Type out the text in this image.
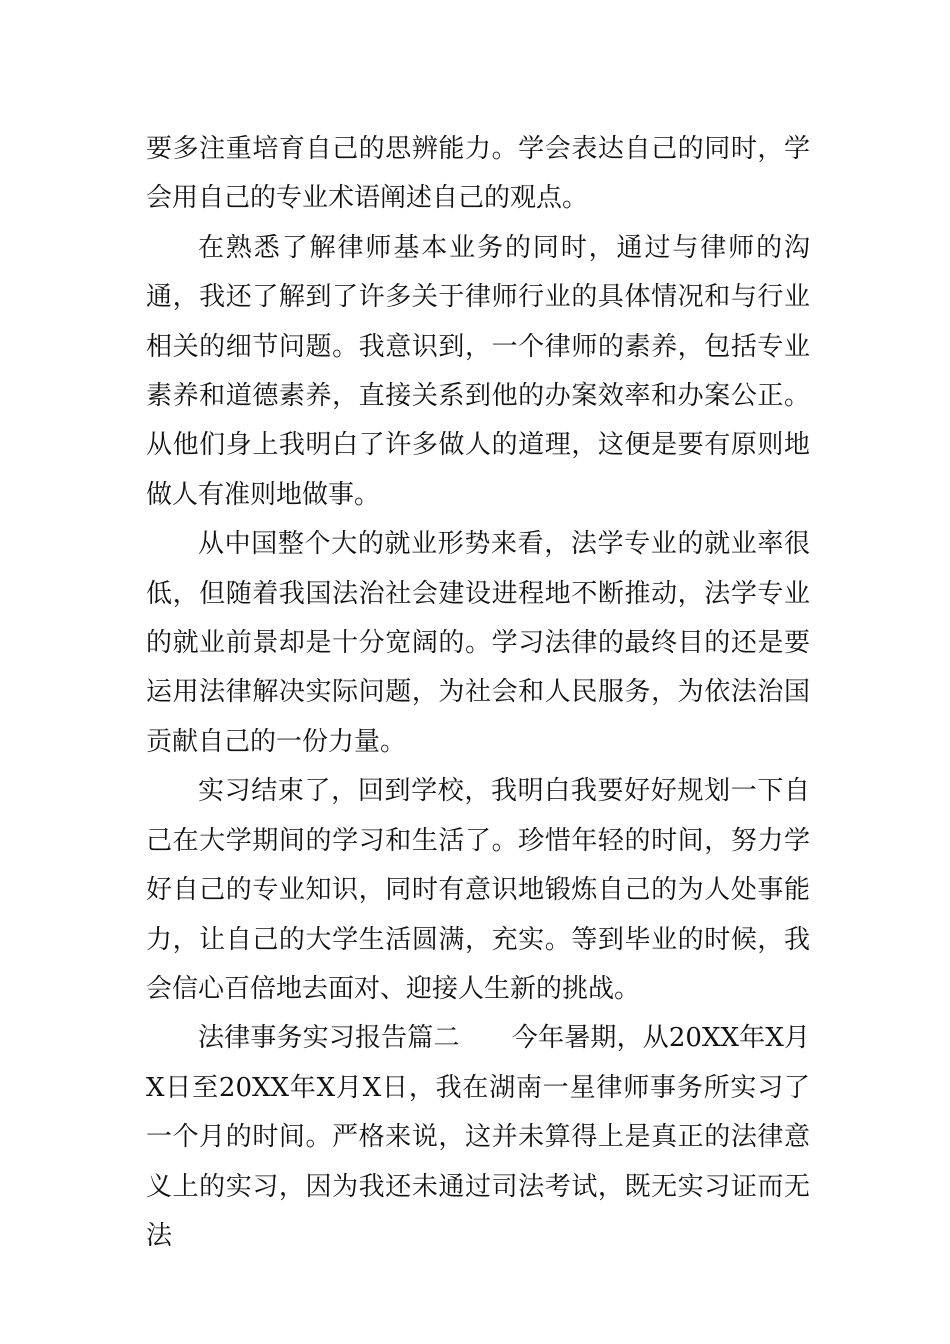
要多注重培育自己的思辨能力。学会表达自己的同时，学会用自己的专业术语阐述自己的观点。

在熟悉了解律师基本业务的同时，通过与律师的沟通，我还了解到了许多关于律师行业的具体情况和与行业相关的细节问题。我意识到，一个律师的素养，包括专业素养和道德素养，直接关系到他的办案效率和办案公正。从他们身上我明白了许多做人的道理，这便是要有原则地做人有准则地做事。

从中国整个大的就业形势来看，法学专业的就业率很低，但随着我国法治社会建设进程地不断推动，法学专业的就业前景却是十分宽阔的。学习法律的最终目的还是要运用法律解决实际问题，为社会和人民服务，为依法治国贡献自己的一份力量。

实习结束了，回到学校，我明白我要好好规划一下自己在大学期间的学习和生活了。珍惜年轻的时间，努力学好自己的专业知识，同时有意识地锻炼自己的为人处事能力，让自己的大学生活圆满，充实。等到毕业的时候，我会信心百倍地去面对、迎接人生新的挑战。

法律事务实习报告篇二　　今年暑期，从20XX年X月X日至20XX年X月X日，我在湖南一星律师事务所实习了一个月的时间。严格来说，这并未算得上是真正的法律意义上的实习，因为我还未通过司法考试，既无实习证而无法
